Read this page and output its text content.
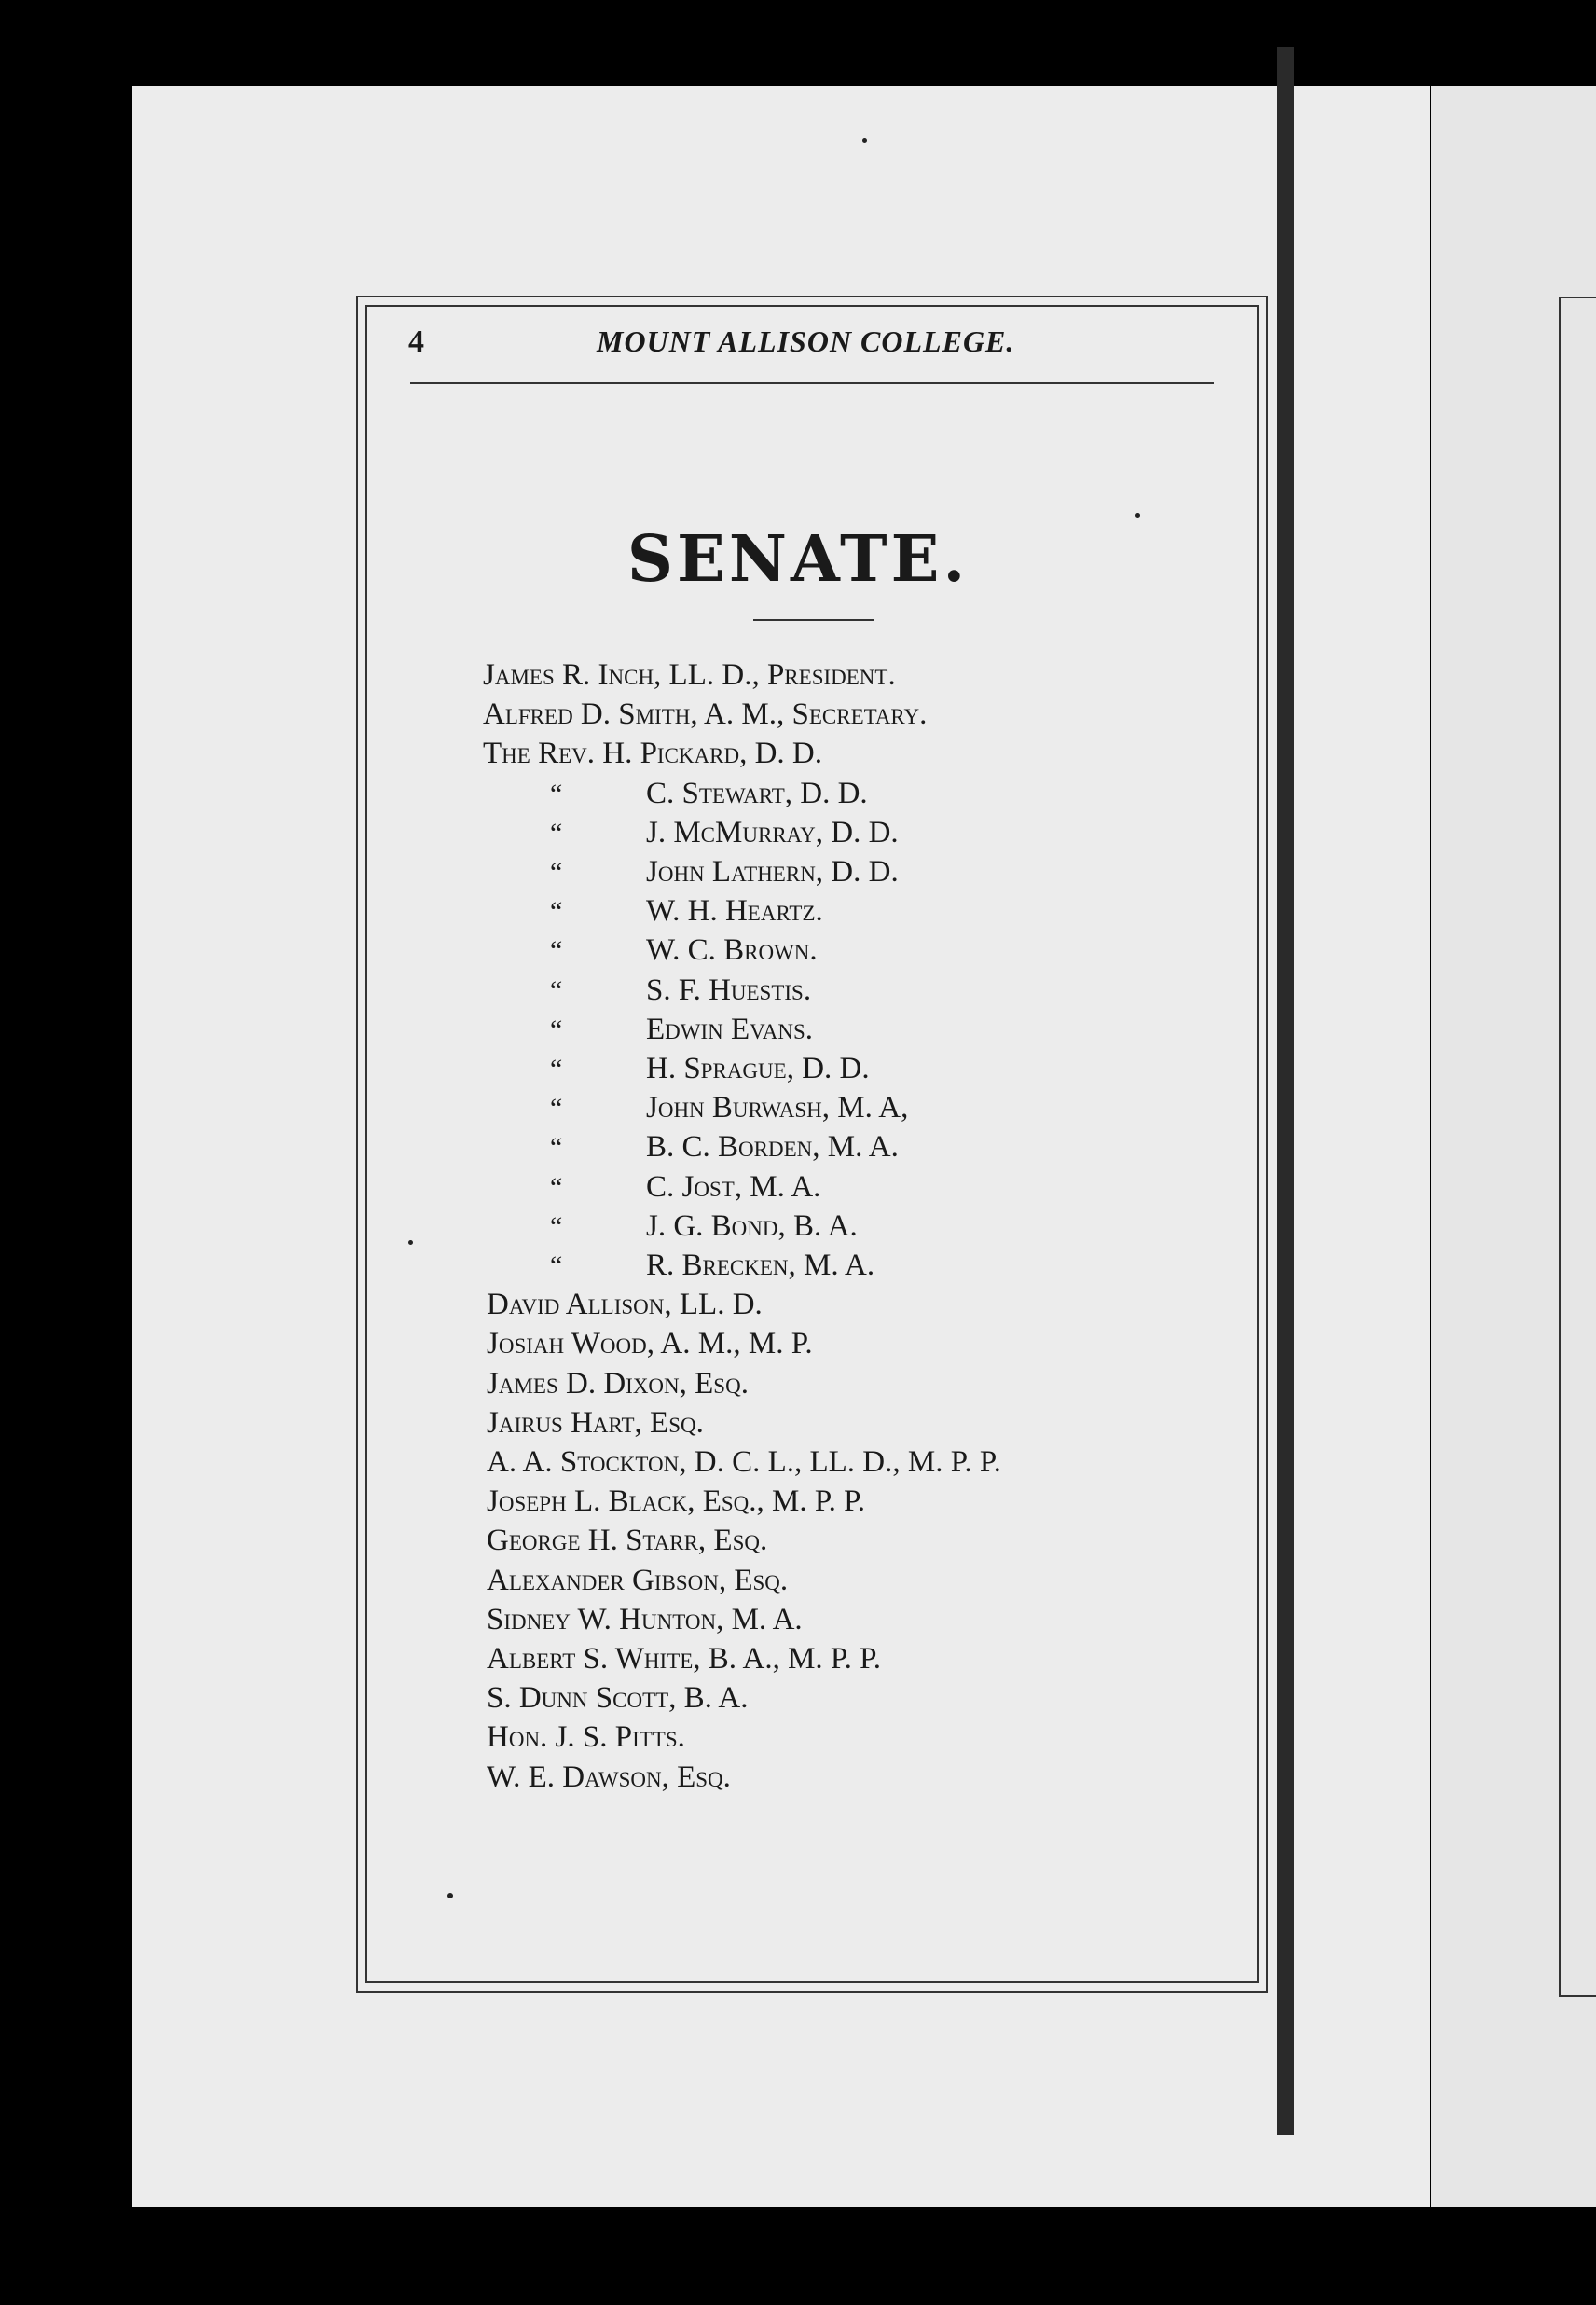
4	MOUNT ALLISON COLLEGE.
SENATE.
James R. Inch, LL. D., President.
Alfred D. Smith, A. M., Secretary.
The Rev. H. Pickard, D. D.
“	C. Stewart, D. D.
“	J. McMurray, D. D.
“	John Lathern, D. D.
“	W. H. Heartz.
“	W. C. Brown.
“	S. F. Huestis.
“	Edwin Evans.
“	H. Sprague, D. D.
“	John Burwash, M. A,
“	B. C. Borden, M. A.
“	C. Jost, M. A.
“	J. G. Bond, B. A.
“	R. Brecken, M. A.
David Allison, LL. D.
Josiah Wood, A. M., M. P.
James D. Dixon, Esq.
Jairus Hart, Esq.
A. A. Stockton, D. C. L., LL. D., M. P. P.
Joseph L. Black, Esq., M. P. P.
George H. Starr, Esq.
Alexander Gibson, Esq.
Sidney W. Hunton, M. A.
Albert S. White, B. A., M. P. P.
S. Dunn Scott, B. A.
Hon. J. S. Pitts.
W. E. Dawson, Esq.
